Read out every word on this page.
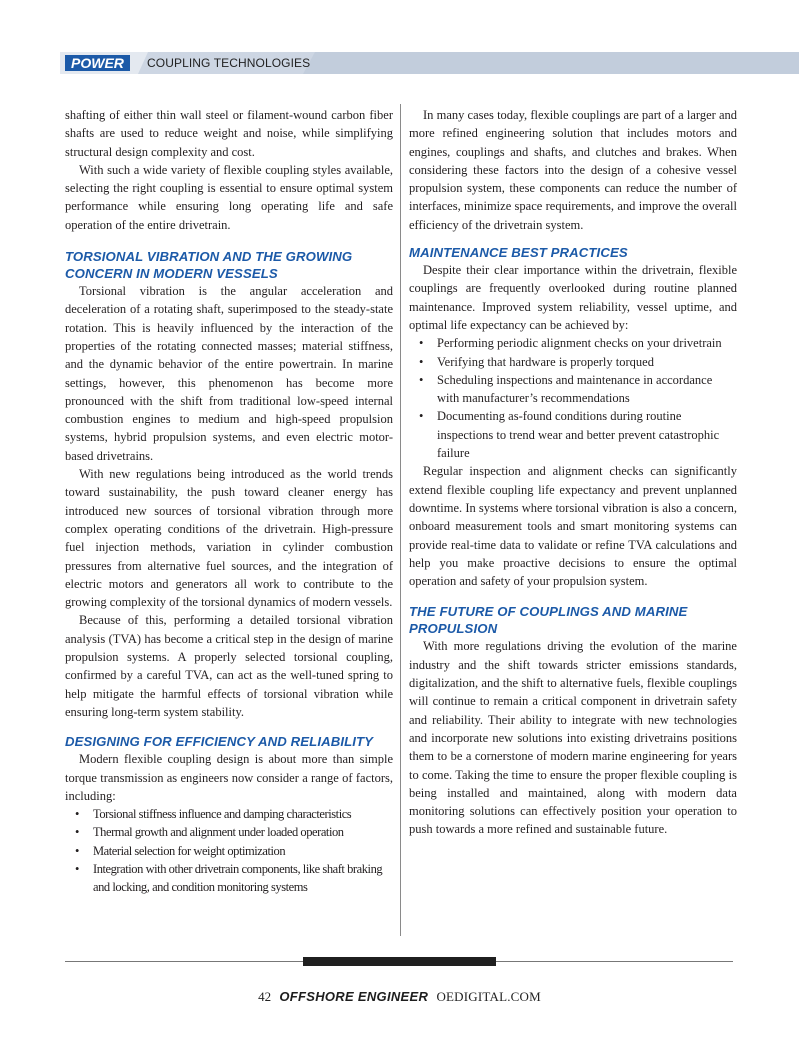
POWER	COUPLING TECHNOLOGIES

shafting of either thin wall steel or filament-wound carbon fiber shafts are used to reduce weight and noise, while simplifying structural design complexity and cost.

With such a wide variety of flexible coupling styles available, selecting the right coupling is essential to ensure optimal system performance while ensuring long operating life and safe operation of the entire drivetrain.

TORSIONAL VIBRATION AND THE GROWING CONCERN IN MODERN VESSELS

Torsional vibration is the angular acceleration and deceleration of a rotating shaft, superimposed to the steady-state rotation. This is heavily influenced by the interaction of the properties of the rotating connected masses; material stiffness, and the dynamic behavior of the entire powertrain. In marine settings, however, this phenomenon has become more pronounced with the shift from traditional low-speed internal combustion engines to medium and high-speed propulsion systems, hybrid propulsion systems, and even electric motor-based drivetrains.

With new regulations being introduced as the world trends toward sustainability, the push toward cleaner energy has introduced new sources of torsional vibration through more complex operating conditions of the drivetrain. High-pressure fuel injection methods, variation in cylinder combustion pressures from alternative fuel sources, and the integration of electric motors and generators all work to contribute to the growing complexity of the torsional dynamics of modern vessels.

Because of this, performing a detailed torsional vibration analysis (TVA) has become a critical step in the design of marine propulsion systems. A properly selected torsional coupling, confirmed by a careful TVA, can act as the well-tuned spring to help mitigate the harmful effects of torsional vibration while ensuring long-term system stability.

DESIGNING FOR EFFICIENCY AND RELIABILITY

Modern flexible coupling design is about more than simple torque transmission as engineers now consider a range of factors, including:

• Torsional stiffness influence and damping characteristics
• Thermal growth and alignment under loaded operation
• Material selection for weight optimization
• Integration with other drivetrain components, like shaft braking and locking, and condition monitoring systems

In many cases today, flexible couplings are part of a larger and more refined engineering solution that includes motors and engines, couplings and shafts, and clutches and brakes. When considering these factors into the design of a cohesive vessel propulsion system, these components can reduce the number of interfaces, minimize space requirements, and improve the overall efficiency of the drivetrain system.

MAINTENANCE BEST PRACTICES

Despite their clear importance within the drivetrain, flexible couplings are frequently overlooked during routine planned maintenance. Improved system reliability, vessel uptime, and optimal life expectancy can be achieved by:

• Performing periodic alignment checks on your drivetrain
• Verifying that hardware is properly torqued
• Scheduling inspections and maintenance in accordance with manufacturer’s recommendations
• Documenting as-found conditions during routine inspections to trend wear and better prevent catastrophic failure

Regular inspection and alignment checks can significantly extend flexible coupling life expectancy and prevent unplanned downtime. In systems where torsional vibration is also a concern, onboard measurement tools and smart monitoring systems can provide real-time data to validate or refine TVA calculations and help you make proactive decisions to ensure the optimal operation and safety of your propulsion system.

THE FUTURE OF COUPLINGS AND MARINE PROPULSION

With more regulations driving the evolution of the marine industry and the shift towards stricter emissions standards, digitalization, and the shift to alternative fuels, flexible couplings will continue to remain a critical component in drivetrain safety and reliability. Their ability to integrate with new technologies and incorporate new solutions into existing drivetrains positions them to be a cornerstone of modern marine engineering for years to come. Taking the time to ensure the proper flexible coupling is being installed and maintained, along with modern data monitoring solutions can effectively position your operation to push towards a more refined and sustainable future.

42 OFFSHORE ENGINEER OEDIGITAL.COM
